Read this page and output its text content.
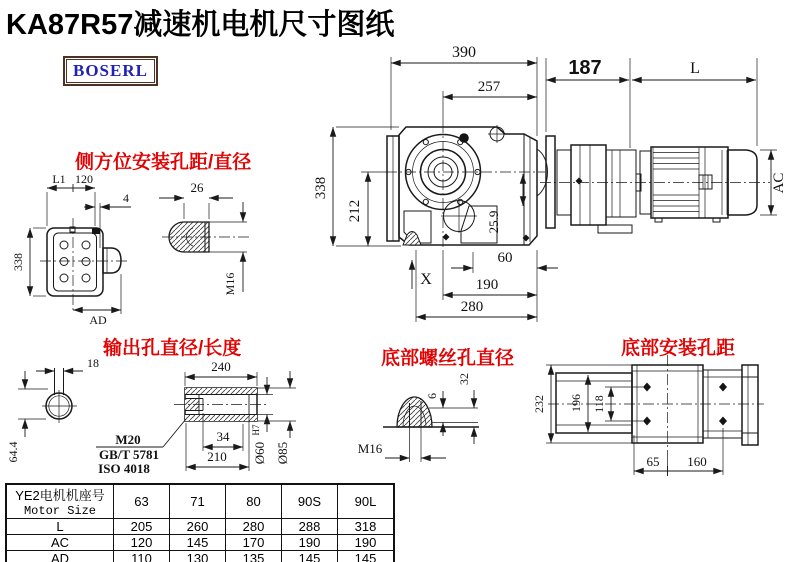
KA87R57减速机电机尺寸图纸
BOSERL
侧方位安装孔距/直径
输出孔直径/长度	底部螺丝孔直径	底部安装孔距
390
257
338
212	25.9
60
190
280
X
187	L
AC
L1 120
4
338
AD
M16
26
18
64.4
240
34
210 Ø60
H7
Ø85
M20
GB/T 5781
ISO 4018
32
6
M16
232 196 118
65 160
YE2电机机座号
Motor Size	63	71	80	90S	90L
L	205	260	280	288	318
AC	120	145	170	190	190
AD	110	130	135	145	145
